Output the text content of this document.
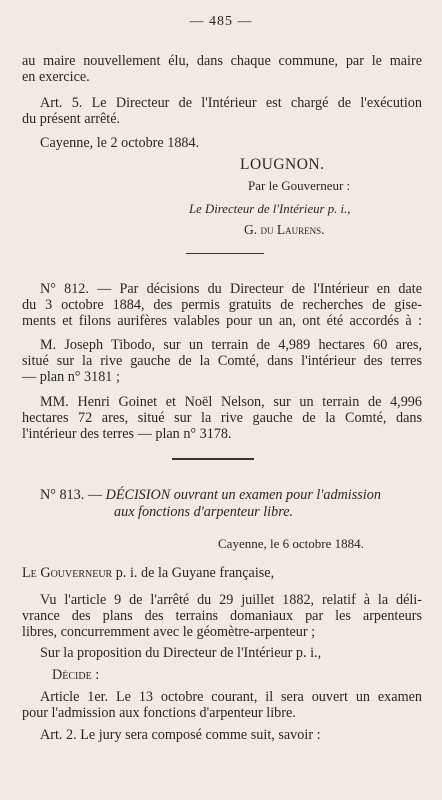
— 485 —
au maire nouvellement élu, dans chaque commune, par le maire
en exercice.
Art. 5. Le Directeur de l'Intérieur est chargé de l'exécution
du présent arrêté.
Cayenne, le 2 octobre 1884.
LOUGNON.
Par le Gouverneur :
Le Directeur de l'Intérieur p. i.,
G. du Laurens.
N° 812. — Par décisions du Directeur de l'Intérieur en date
du 3 octobre 1884, des permis gratuits de recherches de gise-
ments et filons aurifères valables pour un an, ont été accordés à :
M. Joseph Tibodo, sur un terrain de 4,989 hectares 60 ares,
situé sur la rive gauche de la Comté, dans l'intérieur des terres
— plan n° 3181 ;
MM. Henri Goinet et Noël Nelson, sur un terrain de 4,996
hectares 72 ares, situé sur la rive gauche de la Comté, dans
l'intérieur des terres — plan n° 3178.
N° 813. — DÉCISION ouvrant un examen pour l'admission
aux fonctions d'arpenteur libre.
Cayenne, le 6 octobre 1884.
Le Gouverneur p. i. de la Guyane française,
Vu l'article 9 de l'arrêté du 29 juillet 1882, relatif à la déli-
vrance des plans des terrains domaniaux par les arpenteurs
libres, concurremment avec le géomètre-arpenteur ;
Sur la proposition du Directeur de l'Intérieur p. i.,
Décide :
Article 1er. Le 13 octobre courant, il sera ouvert un examen
pour l'admission aux fonctions d'arpenteur libre.
Art. 2. Le jury sera composé comme suit, savoir :
